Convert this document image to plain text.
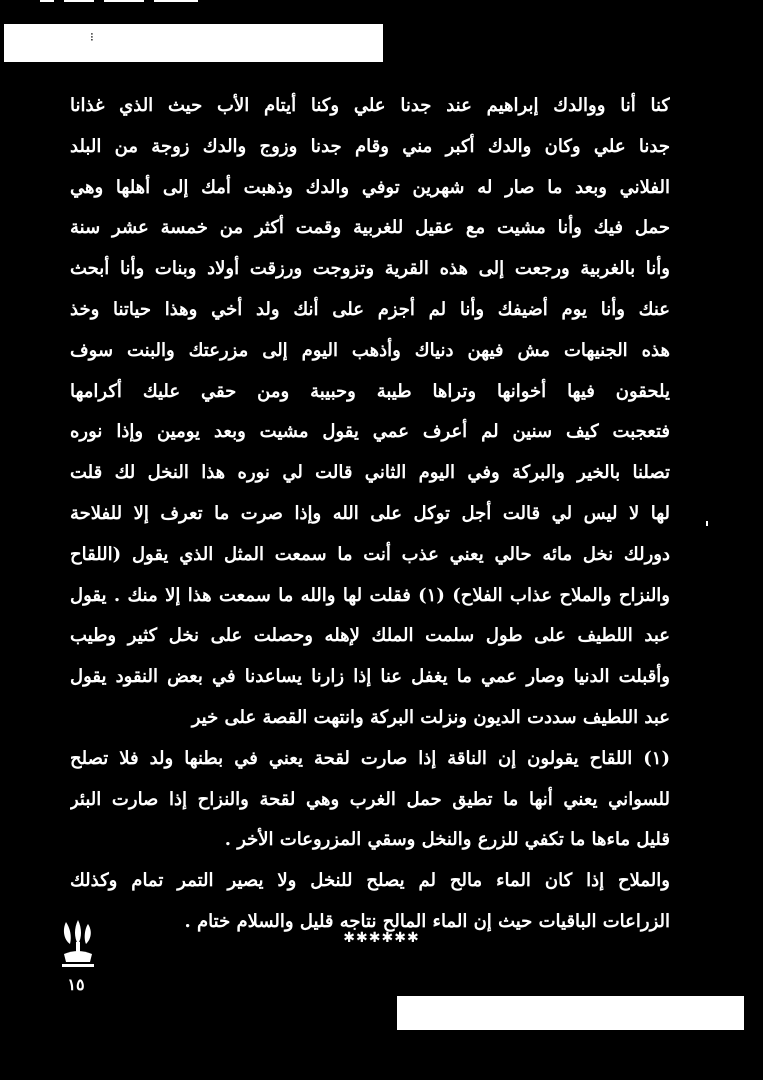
⁝
كنا أنا ووالدك إبراهيم عند جدنا علي وكنا أيتام الأب حيث الذي غذانا
جدنا علي وكان والدك أكبر مني وقام جدنا وزوج والدك زوجة من البلد
الفلاني وبعد ما صار له شهرين توفي والدك وذهبت أمك إلى أهلها وهي
حمل فيك وأنا مشيت مع عقيل للغربية وقمت أكثر من خمسة عشر سنة
وأنا بالغربية ورجعت إلى هذه القرية وتزوجت ورزقت أولاد وبنات وأنا أبحث
عنك وأنا يوم أضيفك وأنا لم أجزم على أنك ولد أخي وهذا حياتنا وخذ
هذه الجنيهات مش فيهن دنياك وأذهب اليوم إلى مزرعتك والبنت سوف
يلحقون فيها أخوانها وتراها طيبة وحبيبة ومن حقي عليك أكرامها
فتعجبت كيف سنين لم أعرف عمي يقول مشيت وبعد يومين وإذا نوره
تصلنا بالخير والبركة وفي اليوم الثاني قالت لي نوره هذا النخل لك قلت
لها لا ليس لي قالت أجل توكل على الله وإذا صرت ما تعرف إلا للفلاحة
دورلك نخل مائه حالي يعني عذب أنت ما سمعت المثل الذي يقول (اللقاح
والنزاح والملاح عذاب الفلاح) (١) فقلت لها والله ما سمعت هذا إلا منك . يقول
عبد اللطيف على طول سلمت الملك لإهله وحصلت على نخل كثير وطيب
وأقبلت الدنيا وصار عمي ما يغفل عنا إذا زارنا يساعدنا في بعض النقود يقول
عبد اللطيف سددت الديون ونزلت البركة وانتهت القصة على خير
(١) اللقاح يقولون إن الناقة إذا صارت لقحة يعني في بطنها ولد فلا تصلح
للسواني يعني أنها ما تطيق حمل الغرب وهي لقحة والنزاح إذا صارت البئر
قليل ماءها ما تكفي للزرع والنخل وسقي المزروعات الأخر .
والملاح إذا كان الماء مالح لم يصلح للنخل ولا يصير التمر تمام وكذلك
الزراعات الباقيات حيث إن الماء المالح نتاجه قليل والسلام ختام .
✱✱✱✱✱✱
١٥
